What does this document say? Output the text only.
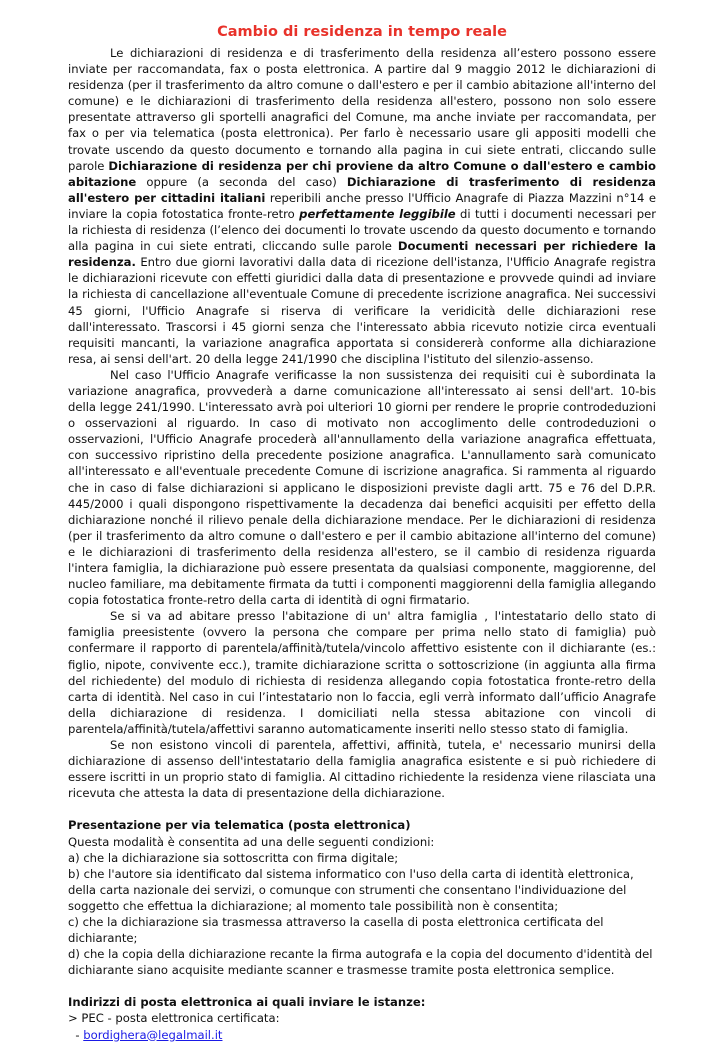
Cambio di residenza in tempo reale

Le dichiarazioni di residenza e di trasferimento della residenza all’estero possono essere inviate per raccomandata, fax o posta elettronica. A partire dal 9 maggio 2012 le dichiarazioni di residenza (per il trasferimento da altro comune o dall'estero e per il cambio abitazione all'interno del comune) e le dichiarazioni di trasferimento della residenza all'estero, possono non solo essere presentate attraverso gli sportelli anagrafici del Comune, ma anche inviate per raccomandata, per fax o per via telematica (posta elettronica). Per farlo è necessario usare gli appositi modelli che trovate uscendo da questo documento e tornando alla pagina in cui siete entrati, cliccando sulle parole Dichiarazione di residenza per chi proviene da altro Comune o dall'estero e cambio abitazione oppure (a seconda del caso) Dichiarazione di trasferimento di residenza all'estero per cittadini italiani reperibili anche presso l'Ufficio Anagrafe di Piazza Mazzini n°14 e inviare la copia fotostatica fronte-retro perfettamente leggibile di tutti i documenti necessari per la richiesta di residenza (l’elenco dei documenti lo trovate uscendo da questo documento e tornando alla pagina in cui siete entrati, cliccando sulle parole Documenti necessari per richiedere la residenza. Entro due giorni lavorativi dalla data di ricezione dell'istanza, l'Ufficio Anagrafe registra le dichiarazioni ricevute con effetti giuridici dalla data di presentazione e provvede quindi ad inviare la richiesta di cancellazione all'eventuale Comune di precedente iscrizione anagrafica. Nei successivi 45 giorni, l'Ufficio Anagrafe si riserva di verificare la veridicità delle dichiarazioni rese dall'interessato. Trascorsi i 45 giorni senza che l'interessato abbia ricevuto notizie circa eventuali requisiti mancanti, la variazione anagrafica apportata si considererà conforme alla dichiarazione resa, ai sensi dell'art. 20 della legge 241/1990 che disciplina l'istituto del silenzio-assenso.

Nel caso l'Ufficio Anagrafe verificasse la non sussistenza dei requisiti cui è subordinata la variazione anagrafica, provvederà a darne comunicazione all'interessato ai sensi dell'art. 10-bis della legge 241/1990. L'interessato avrà poi ulteriori 10 giorni per rendere le proprie controdeduzioni o osservazioni al riguardo. In caso di motivato non accoglimento delle controdeduzioni o osservazioni, l'Ufficio Anagrafe procederà all'annullamento della variazione anagrafica effettuata, con successivo ripristino della precedente posizione anagrafica. L'annullamento sarà comunicato all'interessato e all'eventuale precedente Comune di iscrizione anagrafica. Si rammenta al riguardo che in caso di false dichiarazioni si applicano le disposizioni previste dagli artt. 75 e 76 del D.P.R. 445/2000 i quali dispongono rispettivamente la decadenza dai benefici acquisiti per effetto della dichiarazione nonché il rilievo penale della dichiarazione mendace. Per le dichiarazioni di residenza (per il trasferimento da altro comune o dall'estero e per il cambio abitazione all'interno del comune) e le dichiarazioni di trasferimento della residenza all'estero, se il cambio di residenza riguarda l'intera famiglia, la dichiarazione può essere presentata da qualsiasi componente, maggiorenne, del nucleo familiare, ma debitamente firmata da tutti i componenti maggiorenni della famiglia allegando copia fotostatica fronte-retro della carta di identità di ogni firmatario.

Se si va ad abitare presso l'abitazione di un' altra famiglia , l'intestatario dello stato di famiglia preesistente (ovvero la persona che compare per prima nello stato di famiglia) può confermare il rapporto di parentela/affinità/tutela/vincolo affettivo esistente con il dichiarante (es.: figlio, nipote, convivente ecc.), tramite dichiarazione scritta o sottoscrizione (in aggiunta alla firma del richiedente) del modulo di richiesta di residenza allegando copia fotostatica fronte-retro della carta di identità. Nel caso in cui l’intestatario non lo faccia, egli verrà informato dall’ufficio Anagrafe della dichiarazione di residenza. I domiciliati nella stessa abitazione con vincoli di parentela/affinità/tutela/affettivi saranno automaticamente inseriti nello stesso stato di famiglia.

Se non esistono vincoli di parentela, affettivi, affinità, tutela, e' necessario munirsi della dichiarazione di assenso dell'intestatario della famiglia anagrafica esistente e si può richiedere di essere iscritti in un proprio stato di famiglia. Al cittadino richiedente la residenza viene rilasciata una ricevuta che attesta la data di presentazione della dichiarazione.

Presentazione per via telematica (posta elettronica)

Questa modalità è consentita ad una delle seguenti condizioni:

a) che la dichiarazione sia sottoscritta con firma digitale;

b) che l'autore sia identificato dal sistema informatico con l'uso della carta di identità elettronica, della carta nazionale dei servizi, o comunque con strumenti che consentano l'individuazione del soggetto che effettua la dichiarazione; al momento tale possibilità non è consentita;

c) che la dichiarazione sia trasmessa attraverso la casella di posta elettronica certificata del dichiarante;

d) che la copia della dichiarazione recante la firma autografa e la copia del documento d'identità del dichiarante siano acquisite mediante scanner e trasmesse tramite posta elettronica semplice.

Indirizzi di posta elettronica ai quali inviare le istanze:

> PEC - posta elettronica certificata:

- bordighera@legalmail.it
